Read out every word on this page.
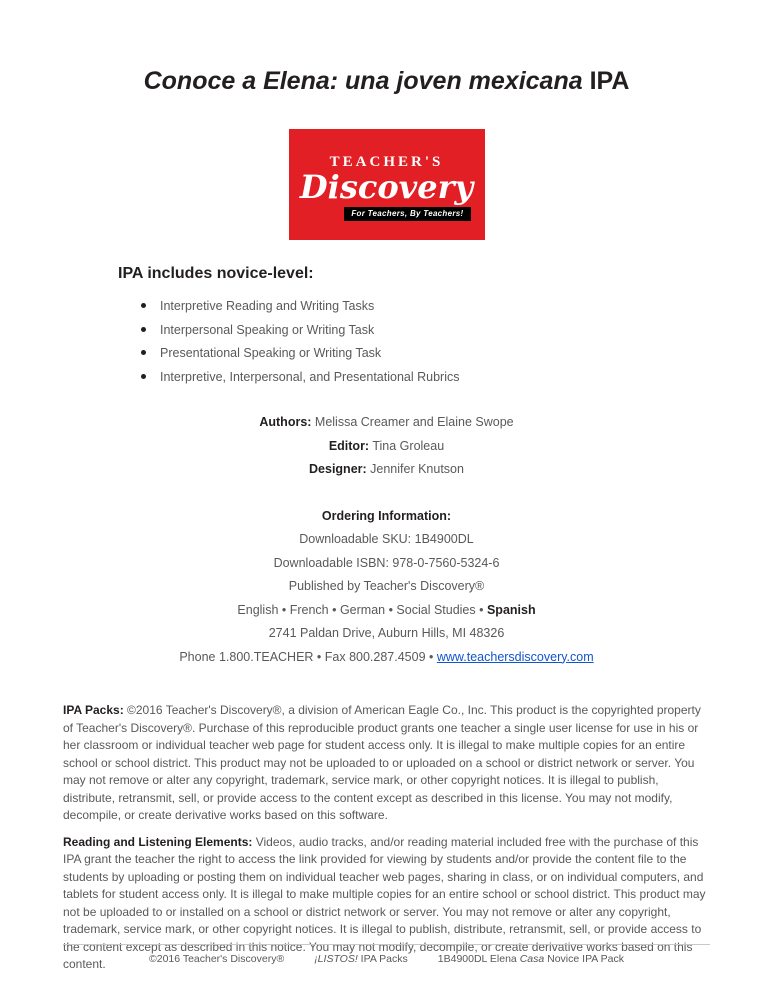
Conoce a Elena: una joven mexicana IPA
TEACHER'S
Discovery
For Teachers, By Teachers!
IPA includes novice-level:
Interpretive Reading and Writing Tasks
Interpersonal Speaking or Writing Task
Presentational Speaking or Writing Task
Interpretive, Interpersonal, and Presentational Rubrics

Authors: Melissa Creamer and Elaine Swope

Editor: Tina Groleau

Designer: Jennifer Knutson

Ordering Information:

Downloadable SKU: 1B4900DL

Downloadable ISBN: 978-0-7560-5324-6

Published by Teacher's Discovery®

English • French • German • Social Studies • Spanish

2741 Paldan Drive, Auburn Hills, MI 48326

Phone 1.800.TEACHER • Fax 800.287.4509 • www.teachersdiscovery.com

IPA Packs: ©2016 Teacher's Discovery®, a division of American Eagle Co., Inc. This product is the copyrighted property of Teacher's Discovery®. Purchase of this reproducible product grants one teacher a single user license for use in his or her classroom or individual teacher web page for student access only. It is illegal to make multiple copies for an entire school or school district. This product may not be uploaded to or uploaded on a school or district network or server. You may not remove or alter any copyright, trademark, service mark, or other copyright notices. It is illegal to publish, distribute, retransmit, sell, or provide access to the content except as described in this license. You may not modify, decompile, or create derivative works based on this software.

Reading and Listening Elements: Videos, audio tracks, and/or reading material included free with the purchase of this IPA grant the teacher the right to access the link provided for viewing by students and/or provide the content file to the students by uploading or posting them on individual teacher web pages, sharing in class, or on individual computers, and tablets for student access only. It is illegal to make multiple copies for an entire school or school district. This product may not be uploaded to or installed on a school or district network or server. You may not remove or alter any copyright, trademark, service mark, or other copyright notices. It is illegal to publish, distribute, retransmit, sell, or provide access to the content except as described in this notice. You may not modify, decompile, or create derivative works based on this content.	©2016 Teacher's Discovery®	¡LISTOS! IPA Packs	1B4900DL Elena Casa Novice IPA Pack
